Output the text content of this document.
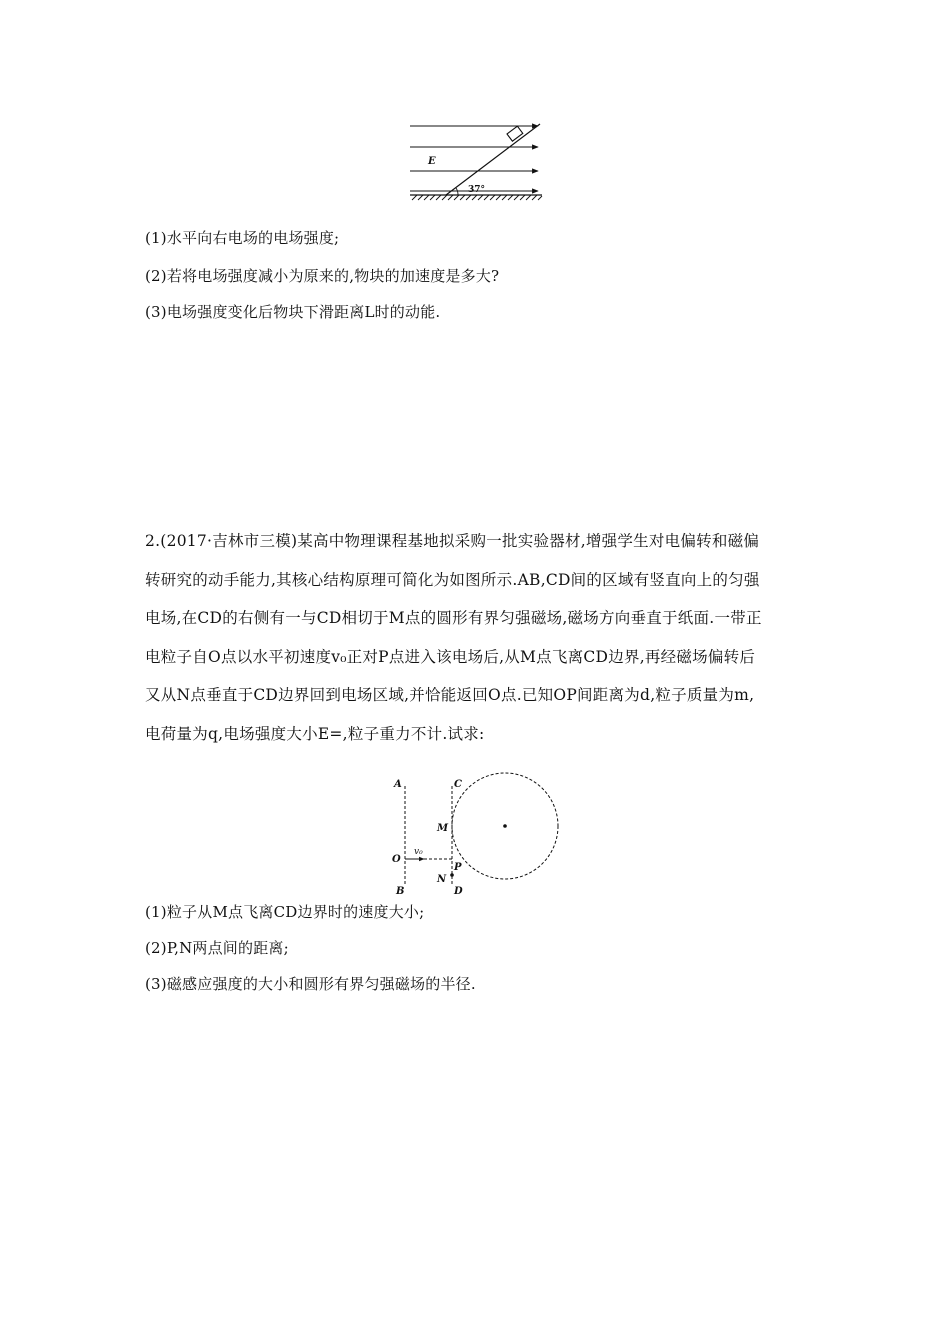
E
37°
(1)水平向右电场的电场强度;
(2)若将电场强度减小为原来的,物块的加速度是多大?
(3)电场强度变化后物块下滑距离L时的动能.
2.(2017·吉林市三模)某高中物理课程基地拟采购一批实验器材,增强学生对电偏转和磁偏
转研究的动手能力,其核心结构原理可简化为如图所示.AB,CD间的区域有竖直向上的匀强
电场,在CD的右侧有一与CD相切于M点的圆形有界匀强磁场,磁场方向垂直于纸面.一带正
电粒子自O点以水平初速度v₀正对P点进入该电场后,从M点飞离CD边界,再经磁场偏转后
又从N点垂直于CD边界回到电场区域,并恰能返回O点.已知OP间距离为d,粒子质量为m,
电荷量为q,电场强度大小E=,粒子重力不计.试求:
A	C
M
O
v₀
P
N
B	D
(1)粒子从M点飞离CD边界时的速度大小;
(2)P,N两点间的距离;
(3)磁感应强度的大小和圆形有界匀强磁场的半径.
